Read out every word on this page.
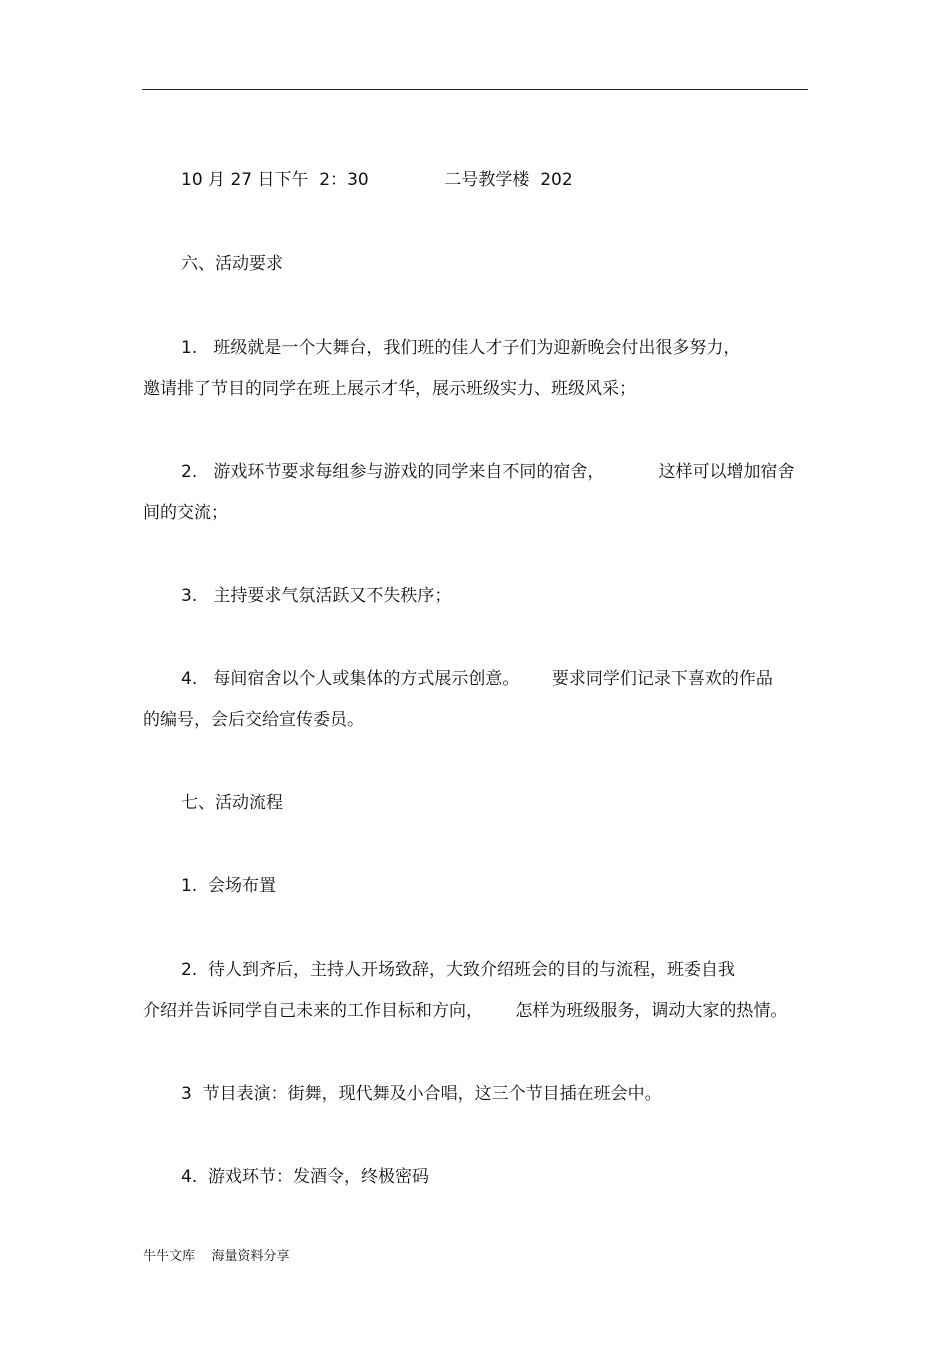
10 月 27 日下午  2：30              二号教学楼  202
六、活动要求
1.   班级就是一个大舞台，我们班的佳人才子们为迎新晚会付出很多努力，
邀请排了节目的同学在班上展示才华，展示班级实力、班级风采；
2.   游戏环节要求每组参与游戏的同学来自不同的宿舍，          这样可以增加宿舍
间的交流；
3.   主持要求气氛活跃又不失秩序；
4.   每间宿舍以个人或集体的方式展示创意。      要求同学们记录下喜欢的作品
的编号，会后交给宣传委员。
七、活动流程
1.  会场布置
2.  待人到齐后，主持人开场致辞，大致介绍班会的目的与流程，班委自我
介绍并告诉同学自己未来的工作目标和方向，      怎样为班级服务，调动大家的热情。
3  节目表演：街舞，现代舞及小合唱，这三个节目插在班会中。
4.  游戏环节：发酒令，终极密码
牛牛文库    海量资料分享
